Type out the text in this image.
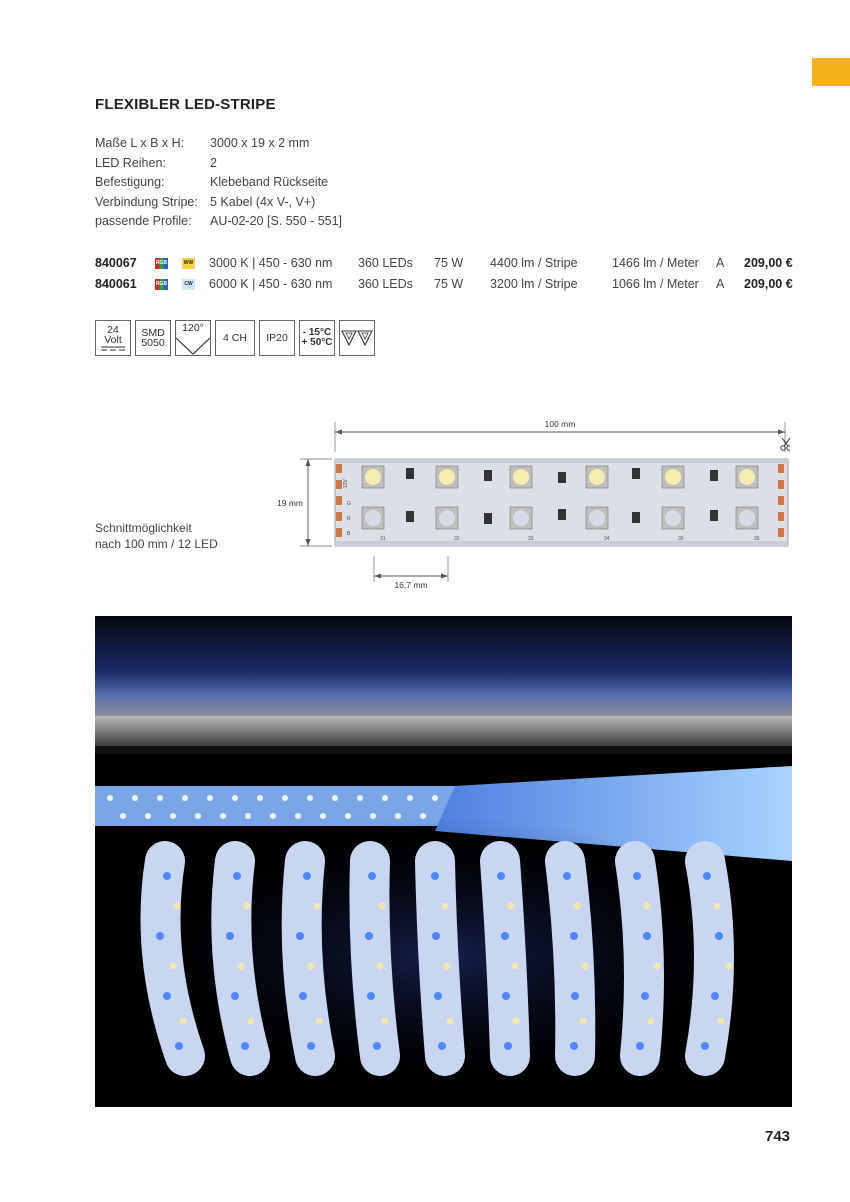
FLEXIBLER LED-STRIPE
Maße L x B x H:	3000 x 19 x 2 mm
LED Reihen:	2
Befestigung:	Klebeband Rückseite
Verbindung Stripe: 5 Kabel (4x V-, V+)
passende Profile:	AU-02-20 [S. 550 - 551]
840067	RGB	WW 3000 K | 450 - 630 nm 360 LEDs 75 W 4400 lm / Stripe	1466 lm / Meter A 209,00 €
840061	RGB	CW 6000 K | 450 - 630 nm 360 LEDs 75 W 3200 lm / Stripe	1066 lm / Meter A 209,00 €
24
Volt
SMD
5050
120°
4 CH IP20 - 15°C
+ 50°C
Schnittmöglichkeit
nach 100 mm / 12 LED
100 mm
19 mm
12V
G
R
B
31	32	33	34	35	36
16,7 mm
743
